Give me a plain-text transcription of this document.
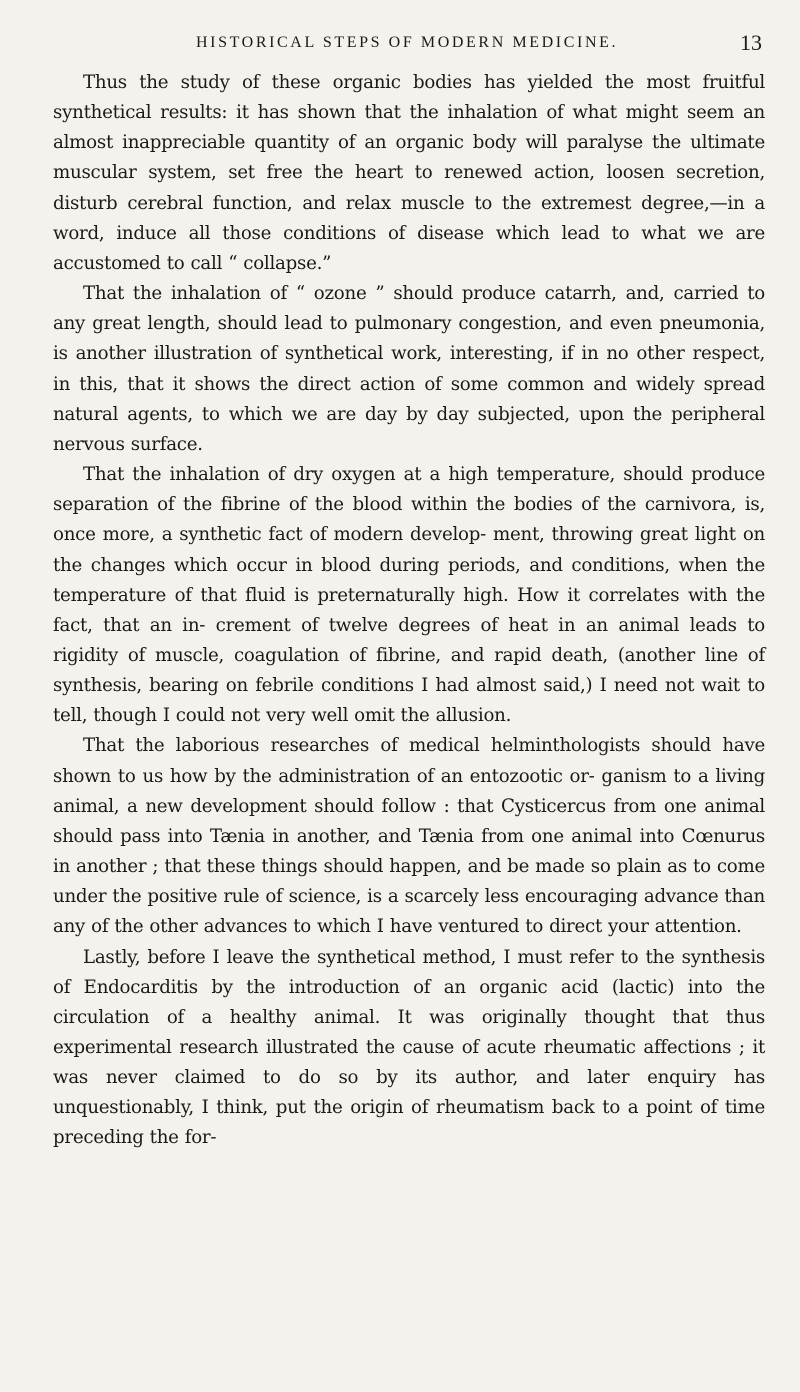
HISTORICAL STEPS OF MODERN MEDICINE.	13

Thus the study of these organic bodies has yielded the most fruitful synthetical results: it has shown that the inhalation of what might seem an almost inappreciable quantity of an organic body will paralyse the ultimate muscular system, set free the heart to renewed action, loosen secretion, disturb cerebral function, and relax muscle to the extremest degree,—in a word, induce all those conditions of disease which lead to what we are accustomed to call “ collapse.”

That the inhalation of “ ozone ” should produce catarrh, and, carried to any great length, should lead to pulmonary congestion, and even pneumonia, is another illustration of synthetical work, interesting, if in no other respect, in this, that it shows the direct action of some common and widely spread natural agents, to which we are day by day subjected, upon the peripheral nervous surface.

That the inhalation of dry oxygen at a high temperature, should produce separation of the fibrine of the blood within the bodies of the carnivora, is, once more, a synthetic fact of modern develop- ment, throwing great light on the changes which occur in blood during periods, and conditions, when the temperature of that fluid is preternaturally high. How it correlates with the fact, that an in- crement of twelve degrees of heat in an animal leads to rigidity of muscle, coagulation of fibrine, and rapid death, (another line of synthesis, bearing on febrile conditions I had almost said,) I need not wait to tell, though I could not very well omit the allusion.

That the laborious researches of medical helminthologists should have shown to us how by the administration of an entozootic or- ganism to a living animal, a new development should follow : that Cysticercus from one animal should pass into Tænia in another, and Tænia from one animal into Cœnurus in another ; that these things should happen, and be made so plain as to come under the positive rule of science, is a scarcely less encouraging advance than any of the other advances to which I have ventured to direct your attention.

Lastly, before I leave the synthetical method, I must refer to the synthesis of Endocarditis by the introduction of an organic acid (lactic) into the circulation of a healthy animal. It was originally thought that thus experimental research illustrated the cause of acute rheumatic affections ; it was never claimed to do so by its author, and later enquiry has unquestionably, I think, put the origin of rheumatism back to a point of time preceding the for-
